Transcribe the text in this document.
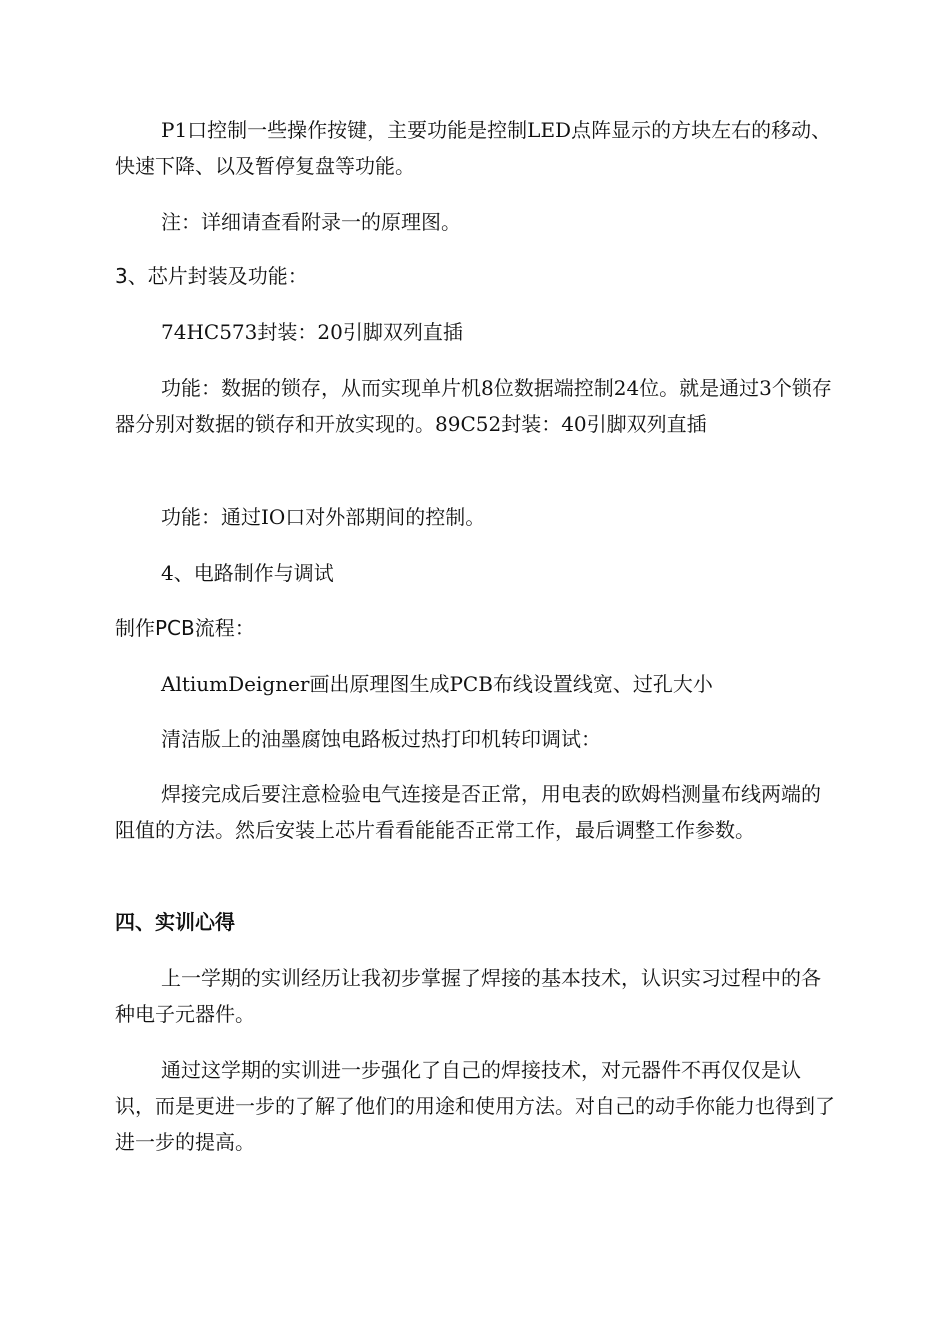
P1口控制一些操作按键，主要功能是控制LED点阵显示的方块左右的移动、快速下降、以及暂停复盘等功能。

注：详细请查看附录一的原理图。

3、芯片封装及功能：

74HC573封装：20引脚双列直插

功能：数据的锁存，从而实现单片机8位数据端控制24位。就是通过3个锁存器分别对数据的锁存和开放实现的。89C52封装：40引脚双列直插

功能：通过IO口对外部期间的控制。

4、电路制作与调试

制作PCB流程：

AltiumDeigner画出原理图生成PCB布线设置线宽、过孔大小

清洁版上的油墨腐蚀电路板过热打印机转印调试：

焊接完成后要注意检验电气连接是否正常，用电表的欧姆档测量布线两端的阻值的方法。然后安装上芯片看看能能否正常工作，最后调整工作参数。

四、实训心得

上一学期的实训经历让我初步掌握了焊接的基本技术，认识实习过程中的各种电子元器件。

通过这学期的实训进一步强化了自己的焊接技术，对元器件不再仅仅是认识，而是更进一步的了解了他们的用途和使用方法。对自己的动手你能力也得到了进一步的提高。
